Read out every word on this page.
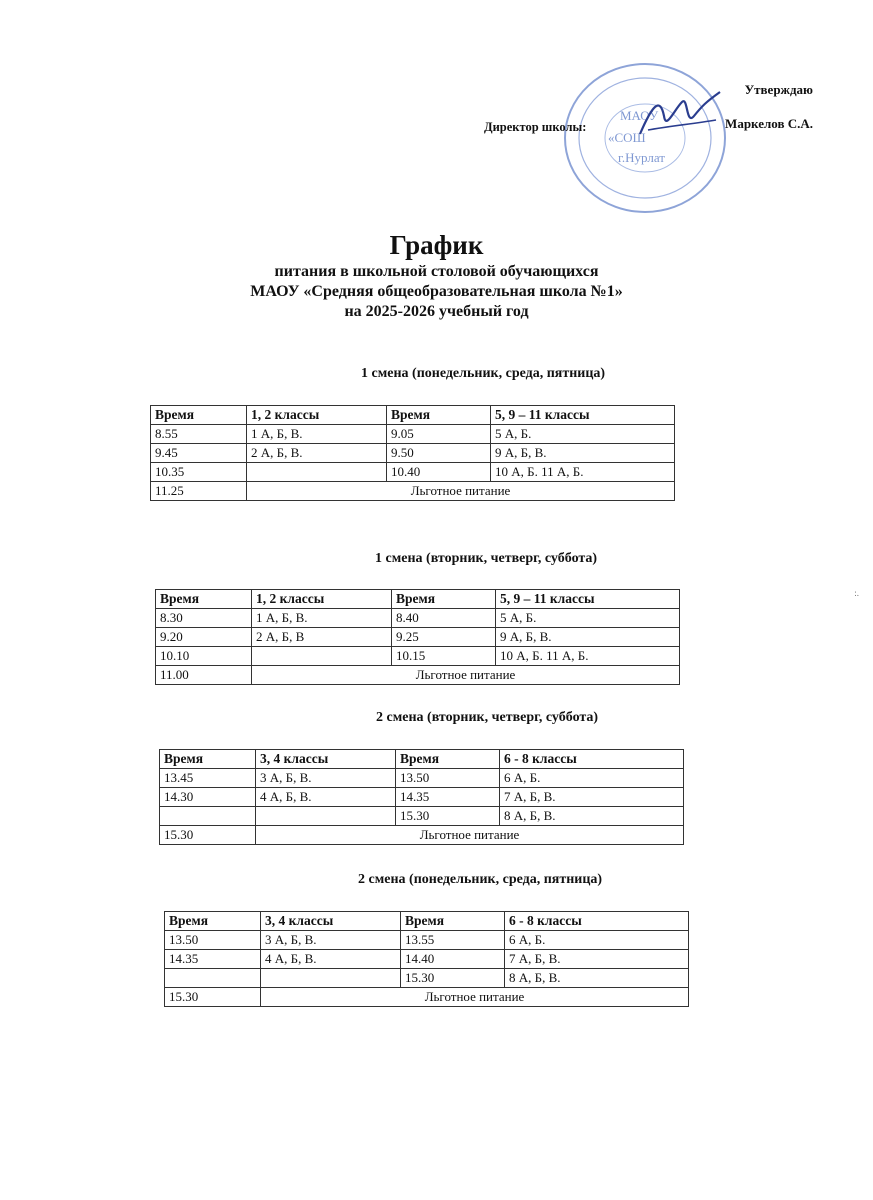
МАОУ
«СОШ
г.Нурлат
Утверждаю
Маркелов С.А.
Директор школы:
График
питания в школьной столовой обучающихся
МАОУ «Средняя общеобразовательная школа №1»
на 2025-2026 учебный год
1 смена (понедельник, среда, пятница)
Время	1, 2 классы	Время	5, 9 – 11 классы
8.55	1 А, Б, В.	9.05	5 А, Б.
9.45	2 А, Б, В.	9.50	9 А, Б, В.
10.35		10.40	10 А, Б. 11 А, Б.
11.25	Льготное питание		
1 смена (вторник, четверг, суббота)
Время	1, 2 классы	Время	5, 9 – 11 классы
8.30	1 А, Б, В.	8.40	5 А, Б.
9.20	2 А, Б, В	9.25	9 А, Б, В.
10.10		10.15	10 А, Б. 11 А, Б.
11.00	Льготное питание		
2 смена (вторник, четверг, суббота)
Время	3, 4 классы	Время	6 - 8 классы
13.45	3 А, Б, В.	13.50	6 А, Б.
14.30	4 А, Б, В.	14.35	7 А, Б, В.
		15.30	8 А, Б, В.
15.30	Льготное питание		
2 смена (понедельник, среда, пятница)
Время	3, 4 классы	Время	6 - 8 классы
13.50	3 А, Б, В.	13.55	6 А, Б.
14.35	4 А, Б, В.	14.40	7 А, Б, В.
		15.30	8 А, Б, В.
15.30	Льготное питание		
:.
